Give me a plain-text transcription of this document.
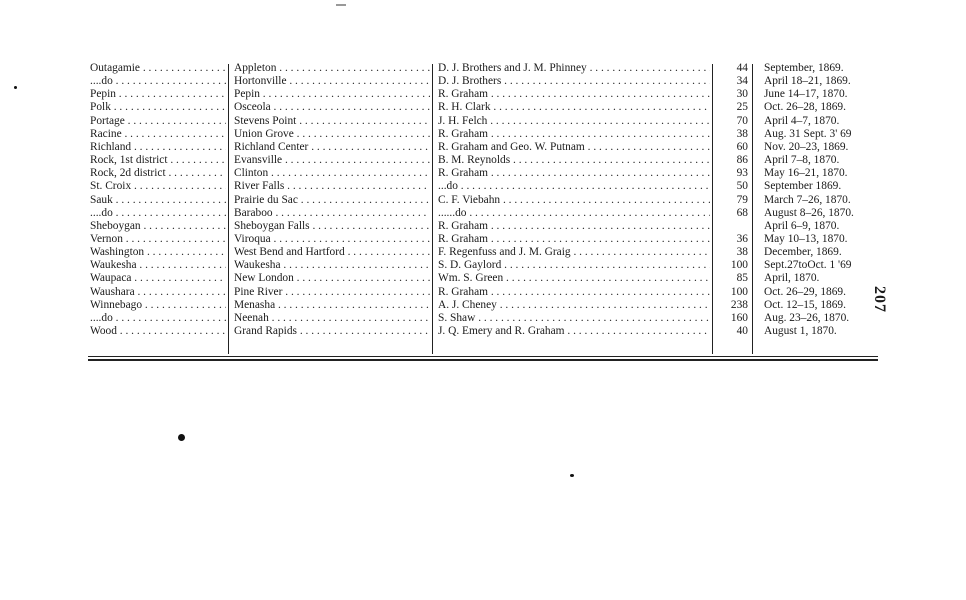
Outagamie . . .	Appleton . . .	D. J. Brothers and J. M. Phinney . . .	44 September, 1869.
....do . . .	Hortonville . . .	D. J. Brothers . . .	34 April 18–21, 1869.
Pepin . . .	Pepin . . .	R. Graham . . .	30 June 14–17, 1870.
Polk . . .	Osceola . . .	R. H. Clark . . .	25 Oct. 26–28, 1869.
Portage . . .	Stevens Point . . .	J. H. Felch . . .	70 April 4–7, 1870.
Racine . . .	Union Grove . . .	R. Graham . . .	38 Aug. 31 Sept. 3' 69
Richland . . .	Richland Center . . .	R. Graham and Geo. W. Putnam . . .	60 Nov. 20–23, 1869.
Rock, 1st district . . .	Evansville . . .	B. M. Reynolds . . .	86 April 7–8, 1870.
Rock, 2d district . . .	Clinton . . .	R. Graham . . .	93 May 16–21, 1870.
St. Croix . . .	River Falls . . .	...do . . .	50 September 1869.
Sauk . . .	Prairie du Sac . . .	C. F. Viebahn . . .	79 March 7–26, 1870.
....do . . .	Baraboo . . .	......do . . .	68 August 8–26, 1870.
Sheboygan . . .	Sheboygan Falls . . .	R. Graham . . .	April 6–9, 1870.
Vernon . . .	Viroqua . . .	R. Graham . . .	36 May 10–13, 1870.
Washington . . .	West Bend and Hartford . . .	F. Regenfuss and J. M. Graig . . .	38 December, 1869.
Waukesha . . .	Waukesha . . .	S. D. Gaylord . . .	100 Sept.27toOct. 1 '69
Waupaca . . .	New London . . .	Wm. S. Green . . .	85 April, 1870.
Waushara . . .	Pine River . . .	R. Graham . . .	100 Oct. 26–29, 1869.
Winnebago . . .	Menasha . . .	A. J. Cheney . . .	238 Oct. 12–15, 1869.
....do . . .	Neenah . . .	S. Shaw . . .	160 Aug. 23–26, 1870.
Wood . . .	Grand Rapids . . .	J. Q. Emery and R. Graham . . .	40 August 1, 1870.
207
